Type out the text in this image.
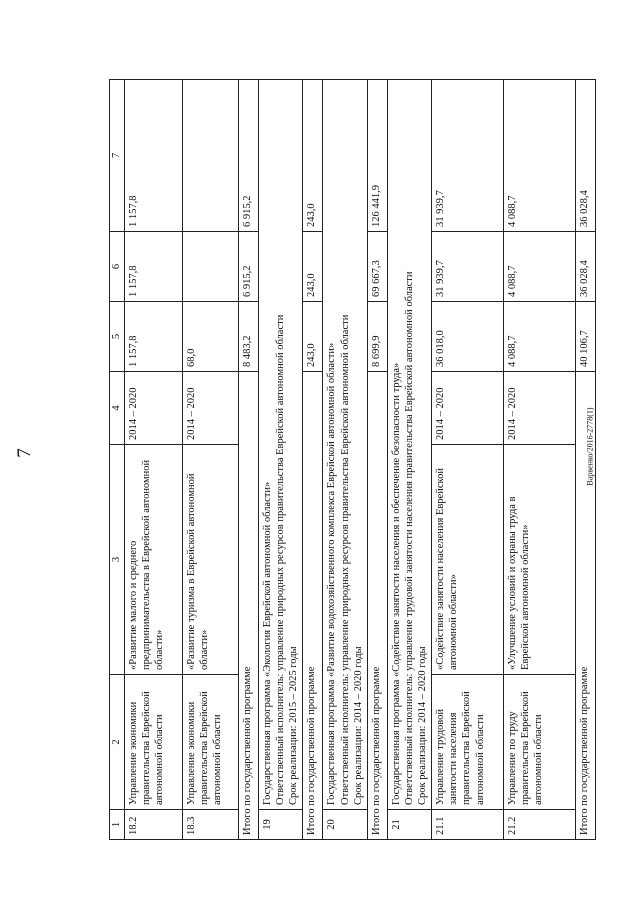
7	Варвенко/2016-2778(1)
1	2	3	4	5	6	7
18.2	Управление экономики правительства Еврейской автономной области	«Развитие малого и среднего предпринимательства в Еврейской автономной области»	2014 – 2020	1 157,8	1 157,8	1 157,8
18.3	Управление экономики правительства Еврейской автономной области	«Развитие туризма в Еврейской автономной области»	2014 – 2020	68,0		
Итого по государственной программе				8 483,2	6 915,2	6 915,2
19	Государственная программа «Экология Еврейской автономной области» Ответственный исполнитель: управление природных ресурсов правительства Еврейской автономной области Срок реализации: 2015 – 2025 годы					

Итого по государственной программе				243,0	243,0	243,0
20	Государственная программа «Развитие водохозяйственного комплекса Еврейской автономной области» Ответственный исполнитель: управление природных ресурсов правительства Еврейской автономной области Срок реализации: 2014 – 2020 годы					

Итого по государственной программе				8 699,9	69 667,3	126 441,9
21	Государственная программа «Содействие занятости населения и обеспечение безопасности труда» Ответственный исполнитель: управление трудовой занятости населения правительства Еврейской автономной области Срок реализации: 2014 – 2020 годы					

21.1	Управление трудовой занятости населения правительства Еврейской автономной области	«Содействие занятости населения Еврейской автономной области»	2014 – 2020	36 018,0	31 939,7	31 939,7
21.2	Управление по труду правительства Еврейской автономной области	«Улучшение условий и охраны труда в Еврейской автономной области»	2014 – 2020	4 088,7	4 088,7	4 088,7
Итого по государственной программе				40 106,7	36 028,4	36 028,4
